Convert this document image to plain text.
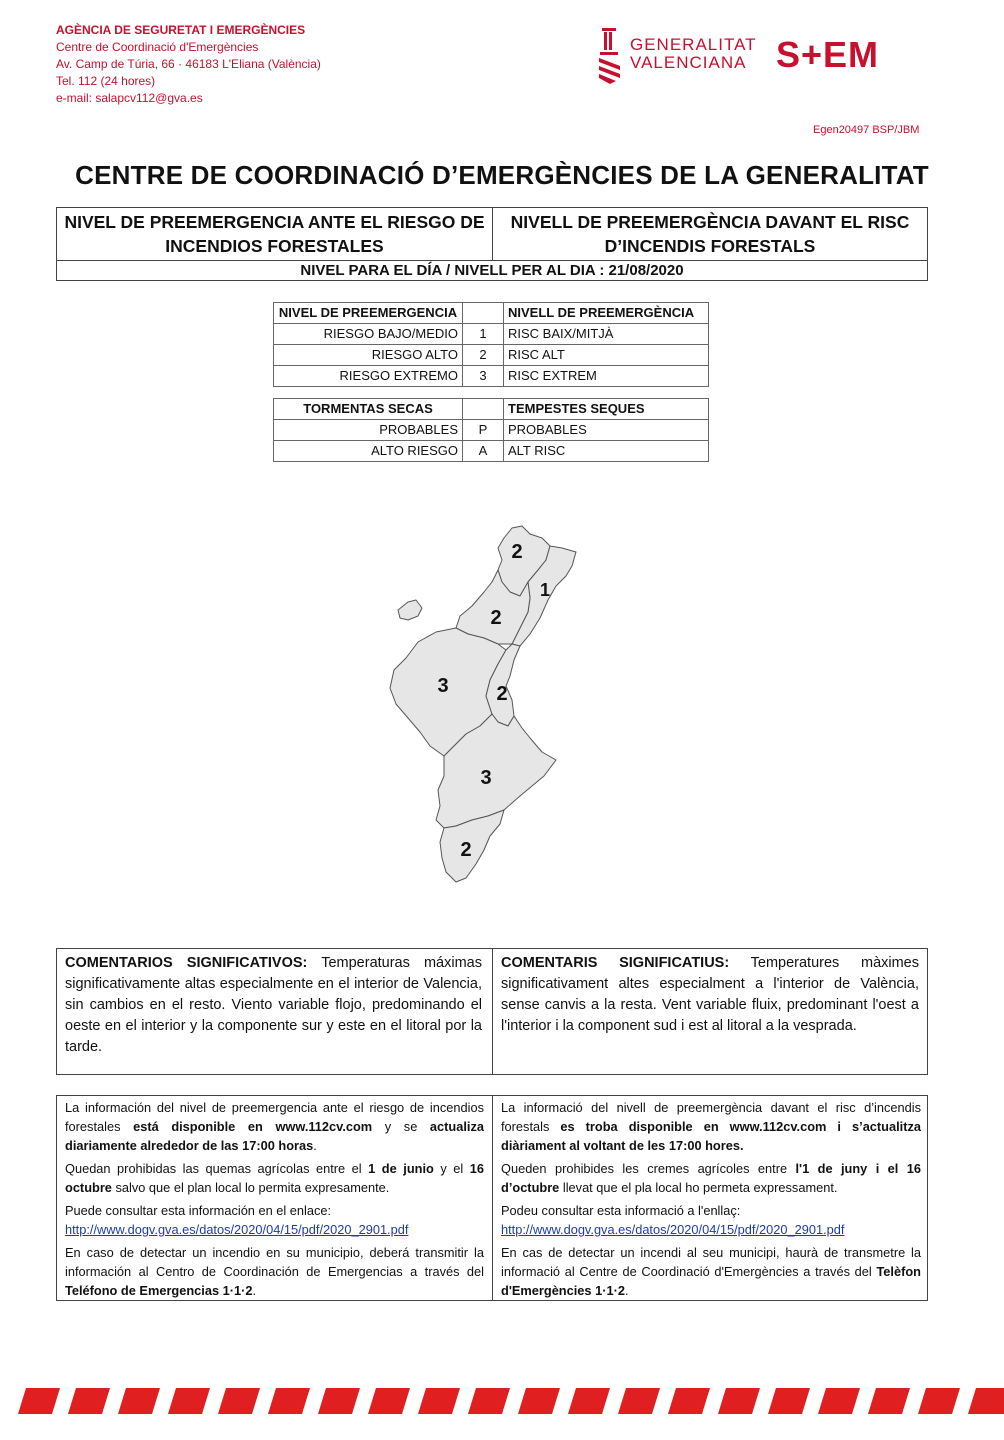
AGÈNCIA DE SEGURETAT I EMERGÈNCIES
Centre de Coordinació d'Emergències
Av. Camp de Túria, 66 · 46183 L'Eliana (València)
Tel. 112 (24 hores)
e-mail: salapcv112@gva.es
GENERALITAT
VALENCIANA S+EM
Egen20497 BSP/JBM
CENTRE DE COORDINACIÓ D’EMERGÈNCIES DE LA GENERALITAT
NIVEL DE PREEMERGENCIA ANTE EL RIESGO DE INCENDIOS FORESTALES
NIVELL DE PREEMERGÈNCIA DAVANT EL RISC D’INCENDIS FORESTALS
NIVEL PARA EL DÍA / NIVELL PER AL DIA : 21/08/2020
NIVEL DE PREEMERGENCIA		NIVELL DE PREEMERGÈNCIA
RIESGO BAJO/MEDIO	1	RISC BAIX/MITJÀ
RIESGO ALTO	2	RISC ALT
RIESGO EXTREMO	3	RISC EXTREM
TORMENTAS SECAS		TEMPESTES SEQUES
PROBABLES	P	PROBABLES
ALTO RIESGO	A	ALT RISC
2
1
2
3 2
3
2
COMENTARIOS SIGNIFICATIVOS: Temperaturas máximas significativamente altas especialmente en el interior de Valencia, sin cambios en el resto. Viento variable flojo, predominando el oeste en el interior y la componente sur y este en el litoral por la tarde.
COMENTARIS SIGNIFICATIUS: Temperatures màximes significativament altes especialment a l'interior de València, sense canvis a la resta. Vent variable fluix, predominant l'oest a l'interior i la component sud i est al litoral a la vesprada.

La información del nivel de preemergencia ante el riesgo de incendios forestales está disponible en www.112cv.com y se actualiza diariamente alrededor de las 17:00 horas.

Quedan prohibidas las quemas agrícolas entre el 1 de junio y el 16 octubre salvo que el plan local lo permita expresamente.

Puede consultar esta información en el enlace:
http://www.dogv.gva.es/datos/2020/04/15/pdf/2020_2901.pdf

En caso de detectar un incendio en su municipio, deberá transmitir la información al Centro de Coordinación de Emergencias a través del Teléfono de Emergencias 1·1·2.

La informació del nivell de preemergència davant el risc d’incendis forestals es troba disponible en www.112cv.com i s’actualitza diàriament al voltant de les 17:00 hores.

Queden prohibides les cremes agrícoles entre l'1 de juny i el 16 d’octubre llevat que el pla local ho permeta expressament.

Podeu consultar esta informació a l'enllaç:
http://www.dogv.gva.es/datos/2020/04/15/pdf/2020_2901.pdf

En cas de detectar un incendi al seu municipi, haurà de transmetre la informació al Centre de Coordinació d'Emergències a través del Telèfon d'Emergències 1·1·2.
